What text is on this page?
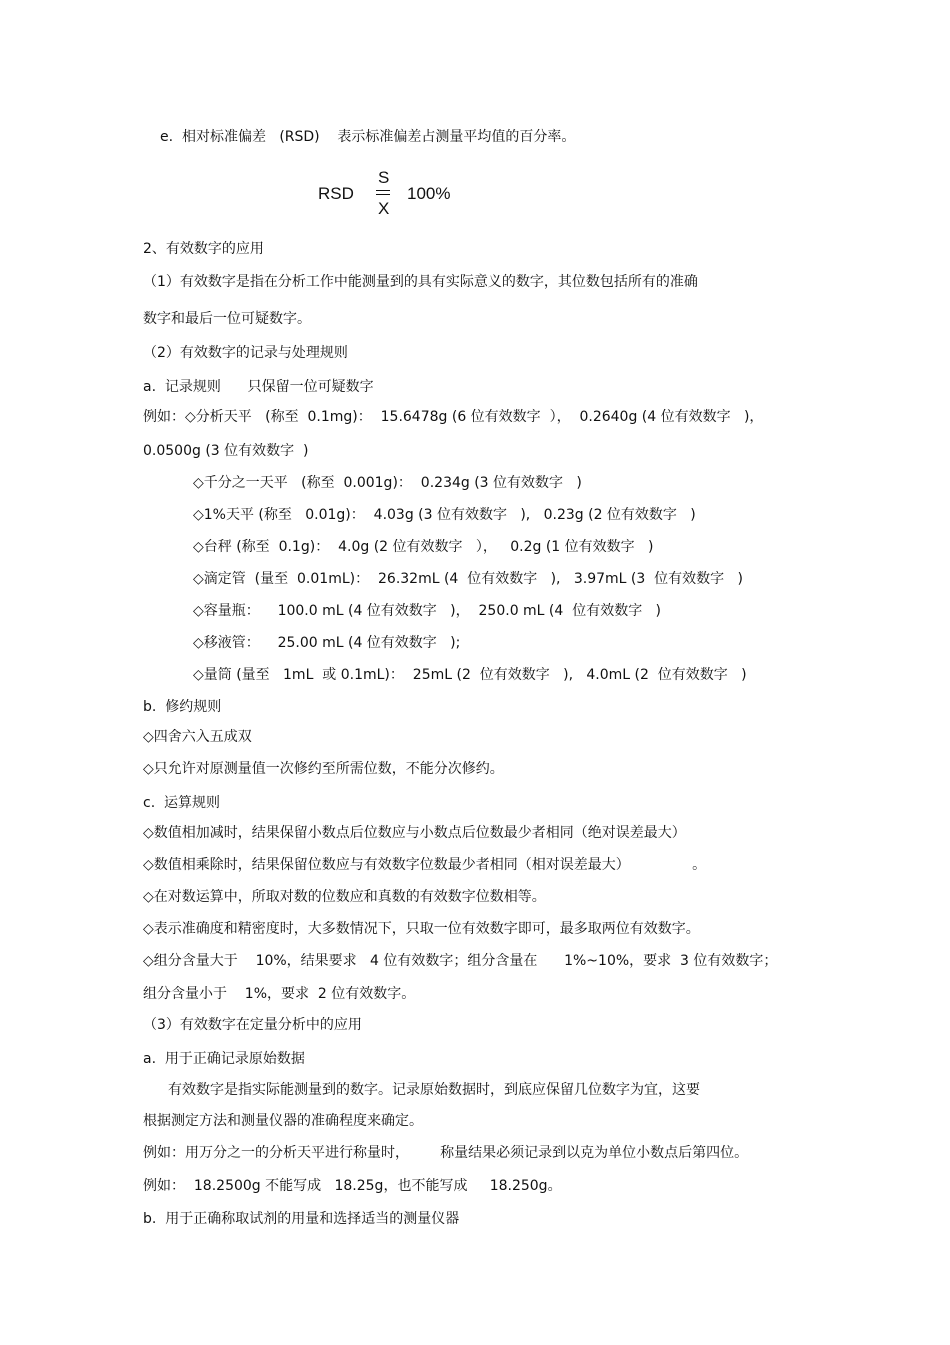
e.  相对标准偏差   (RSD)    表示标准偏差占测量平均值的百分率。
RSD
S
X
100%
2、有效数字的应用
（1）有效数字是指在分析工作中能测量到的具有实际意义的数字，其位数包括所有的准确
数字和最后一位可疑数字。
（2）有效数字的记录与处理规则
a.  记录规则      只保留一位可疑数字
例如：◇分析天平   (称至  0.1mg)：  15.6478g (6 位有效数字  ），  0.2640g (4 位有效数字   )，
0.0500g (3 位有效数字  )
◇千分之一天平   (称至  0.001g)：  0.234g (3 位有效数字   )
◇1%天平 (称至   0.01g)：  4.03g (3 位有效数字   ),   0.23g (2 位有效数字   )
◇台秤 (称至  0.1g)：  4.0g (2 位有效数字   ），   0.2g (1 位有效数字   )
◇滴定管  (量至  0.01mL)：  26.32mL (4  位有效数字   ),   3.97mL (3  位有效数字   )
◇容量瓶：    100.0 mL (4 位有效数字   )，  250.0 mL (4  位有效数字   )
◇移液管：    25.00 mL (4 位有效数字   );
◇量筒 (量至   1mL  或 0.1mL)：  25mL (2  位有效数字   ),   4.0mL (2  位有效数字   )
b.  修约规则
◇四舍六入五成双
◇只允许对原测量值一次修约至所需位数，不能分次修约。
c.  运算规则
◇数值相加减时，结果保留小数点后位数应与小数点后位数最少者相同（绝对误差最大）
◇数值相乘除时，结果保留位数应与有效数字位数最少者相同（相对误差最大）              。
◇在对数运算中，所取对数的位数应和真数的有效数字位数相等。
◇表示准确度和精密度时，大多数情况下，只取一位有效数字即可，最多取两位有效数字。
◇组分含量大于    10%，结果要求   4 位有效数字；组分含量在      1%~10%，要求  3 位有效数字；
组分含量小于    1%，要求  2 位有效数字。
（3）有效数字在定量分析中的应用
a.  用于正确记录原始数据
有效数字是指实际能测量到的数字。记录原始数据时，到底应保留几位数字为宜，这要
根据测定方法和测量仪器的准确程度来确定。
例如：用万分之一的分析天平进行称量时，       称量结果必须记录到以克为单位小数点后第四位。
例如：  18.2500g 不能写成   18.25g，也不能写成     18.250g。
b.  用于正确称取试剂的用量和选择适当的测量仪器
